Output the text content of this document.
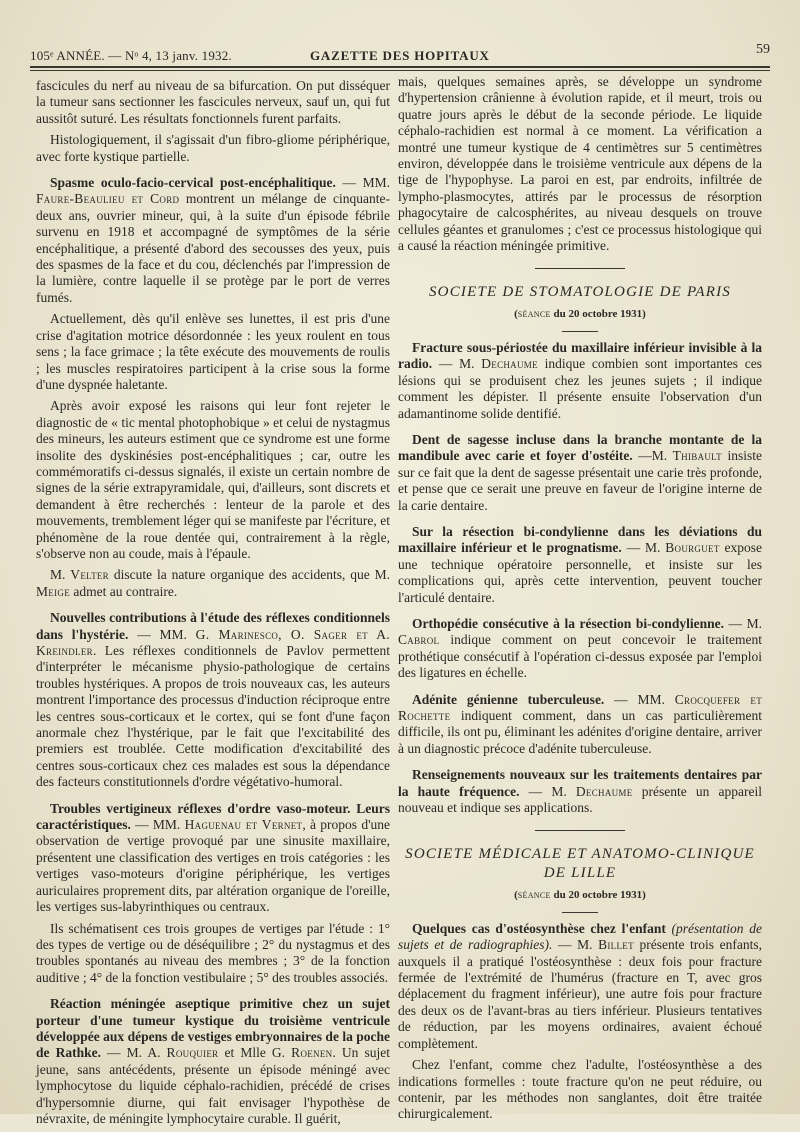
105ᵉ ANNÉE. — Nᵒ 4, 13 janv. 1932.	GAZETTE DES HOPITAUX	59

fascicules du nerf au niveau de sa bifurcation. On put disséquer la tumeur sans sectionner les fascicules nerveux, sauf un, qui fut aussitôt suturé. Les résultats fonctionnels furent parfaits.

Histologiquement, il s'agissait d'un fibro-gliome périphérique, avec forte kystique partielle.

Spasme oculo-facio-cervical post-encéphalitique. — MM. Faure-Beaulieu et Cord montrent un mélange de cinquante-deux ans, ouvrier mineur, qui, à la suite d'un épisode fébrile survenu en 1918 et accompagné de symptômes de la série encéphalitique, a présenté d'abord des secousses des yeux, puis des spasmes de la face et du cou, déclenchés par l'impression de la lumière, contre laquelle il se protège par le port de verres fumés.

Actuellement, dès qu'il enlève ses lunettes, il est pris d'une crise d'agitation motrice désordonnée : les yeux roulent en tous sens ; la face grimace ; la tête exécute des mouvements de roulis ; les muscles respiratoires participent à la crise sous la forme d'une dyspnée haletante.

Après avoir exposé les raisons qui leur font rejeter le diagnostic de « tic mental photophobique » et celui de nystagmus des mineurs, les auteurs estiment que ce syndrome est une forme insolite des dyskinésies post-encéphalitiques ; car, outre les commémoratifs ci-dessus signalés, il existe un certain nombre de signes de la série extrapyramidale, qui, d'ailleurs, sont discrets et demandent à être recherchés : lenteur de la parole et des mouvements, tremblement léger qui se manifeste par l'écriture, et phénomène de la roue dentée qui, contrairement à la règle, s'observe non au coude, mais à l'épaule.

M. Velter discute la nature organique des accidents, que M. Meige admet au contraire.

Nouvelles contributions à l'étude des réflexes conditionnels dans l'hystérie. — MM. G. Marinesco, O. Sager et A. Kreindler. Les réflexes conditionnels de Pavlov permettent d'interpréter le mécanisme physio-pathologique de certains troubles hystériques. A propos de trois nouveaux cas, les auteurs montrent l'importance des processus d'induction réciproque entre les centres sous-corticaux et le cortex, qui se font d'une façon anormale chez l'hystérique, par le fait que l'excitabilité des premiers est troublée. Cette modification d'excitabilité des centres sous-corticaux chez ces malades est sous la dépendance des facteurs constitutionnels d'ordre végétativo-humoral.

Troubles vertigineux réflexes d'ordre vaso-moteur. Leurs caractéristiques. — MM. Haguenau et Vernet, à propos d'une observation de vertige provoqué par une sinusite maxillaire, présentent une classification des vertiges en trois catégories : les vertiges vaso-moteurs d'origine périphérique, les vertiges auriculaires proprement dits, par altération organique de l'oreille, les vertiges sus-labyrinthiques ou centraux.

Ils schématisent ces trois groupes de vertiges par l'étude : 1° des types de vertige ou de déséquilibre ; 2° du nystagmus et des troubles spontanés au niveau des membres ; 3° de la fonction auditive ; 4° de la fonction vestibulaire ; 5° des troubles associés.

Réaction méningée aseptique primitive chez un sujet porteur d'une tumeur kystique du troisième ventricule développée aux dépens de vestiges embryonnaires de la poche de Rathke. — M. A. Rouquier et Mlle G. Roenen. Un sujet jeune, sans antécédents, présente un épisode méningé avec lymphocytose du liquide céphalo-rachidien, précédé de crises d'hypersomnie diurne, qui fait envisager l'hypothèse de névraxite, de méningite lymphocytaire curable. Il guérit,

mais, quelques semaines après, se développe un syndrome d'hypertension crânienne à évolution rapide, et il meurt, trois ou quatre jours après le début de la seconde période. Le liquide céphalo-rachidien est normal à ce moment. La vérification a montré une tumeur kystique de 4 centimètres sur 5 centimètres environ, développée dans le troisième ventricule aux dépens de la tige de l'hypophyse. La paroi en est, par endroits, infiltrée de lympho-plasmocytes, attirés par le processus de résorption phagocytaire de calcosphérites, au niveau desquels on trouve cellules géantes et granulomes ; c'est ce processus histologique qui a causé la réaction méningée primitive.

SOCIETE DE STOMATOLOGIE DE PARIS
(séance du 20 octobre 1931)

Fracture sous-périostée du maxillaire inférieur invisible à la radio. — M. Dechaume indique combien sont importantes ces lésions qui se produisent chez les jeunes sujets ; il indique comment les dépister. Il présente ensuite l'observation d'un adamantinome solide dentifié.

Dent de sagesse incluse dans la branche montante de la mandibule avec carie et foyer d'ostéite. —M. Thibault insiste sur ce fait que la dent de sagesse présentait une carie très profonde, et pense que ce serait une preuve en faveur de l'origine interne de la carie dentaire.

Sur la résection bi-condylienne dans les déviations du maxillaire inférieur et le prognatisme. — M. Bourguet expose une technique opératoire personnelle, et insiste sur les complications qui, après cette intervention, peuvent toucher l'articulé dentaire.

Orthopédie consécutive à la résection bi-condylienne. — M. Cabrol indique comment on peut concevoir le traitement prothétique consécutif à l'opération ci-dessus exposée par l'emploi des ligatures en échelle.

Adénite génienne tuberculeuse. — MM. Crocquefer et Rochette indiquent comment, dans un cas particulièrement difficile, ils ont pu, éliminant les adénites d'origine dentaire, arriver à un diagnostic précoce d'adénite tuberculeuse.

Renseignements nouveaux sur les traitements dentaires par la haute fréquence. — M. Dechaume présente un appareil nouveau et indique ses applications.

SOCIETE MÉDICALE ET ANATOMO-CLINIQUE DE LILLE
(séance du 20 octobre 1931)

Quelques cas d'ostéosynthèse chez l'enfant (présentation de sujets et de radiographies). — M. Billet présente trois enfants, auxquels il a pratiqué l'ostéosynthèse : deux fois pour fracture fermée de l'extrémité de l'humérus (fracture en T, avec gros déplacement du fragment inférieur), une autre fois pour fracture des deux os de l'avant-bras au tiers inférieur. Plusieurs tentatives de réduction, par les moyens ordinaires, avaient échoué complètement.

Chez l'enfant, comme chez l'adulte, l'ostéosynthèse a des indications formelles : toute fracture qu'on ne peut réduire, ou contenir, par les méthodes non sanglantes, doit être traitée chirurgicalement.
